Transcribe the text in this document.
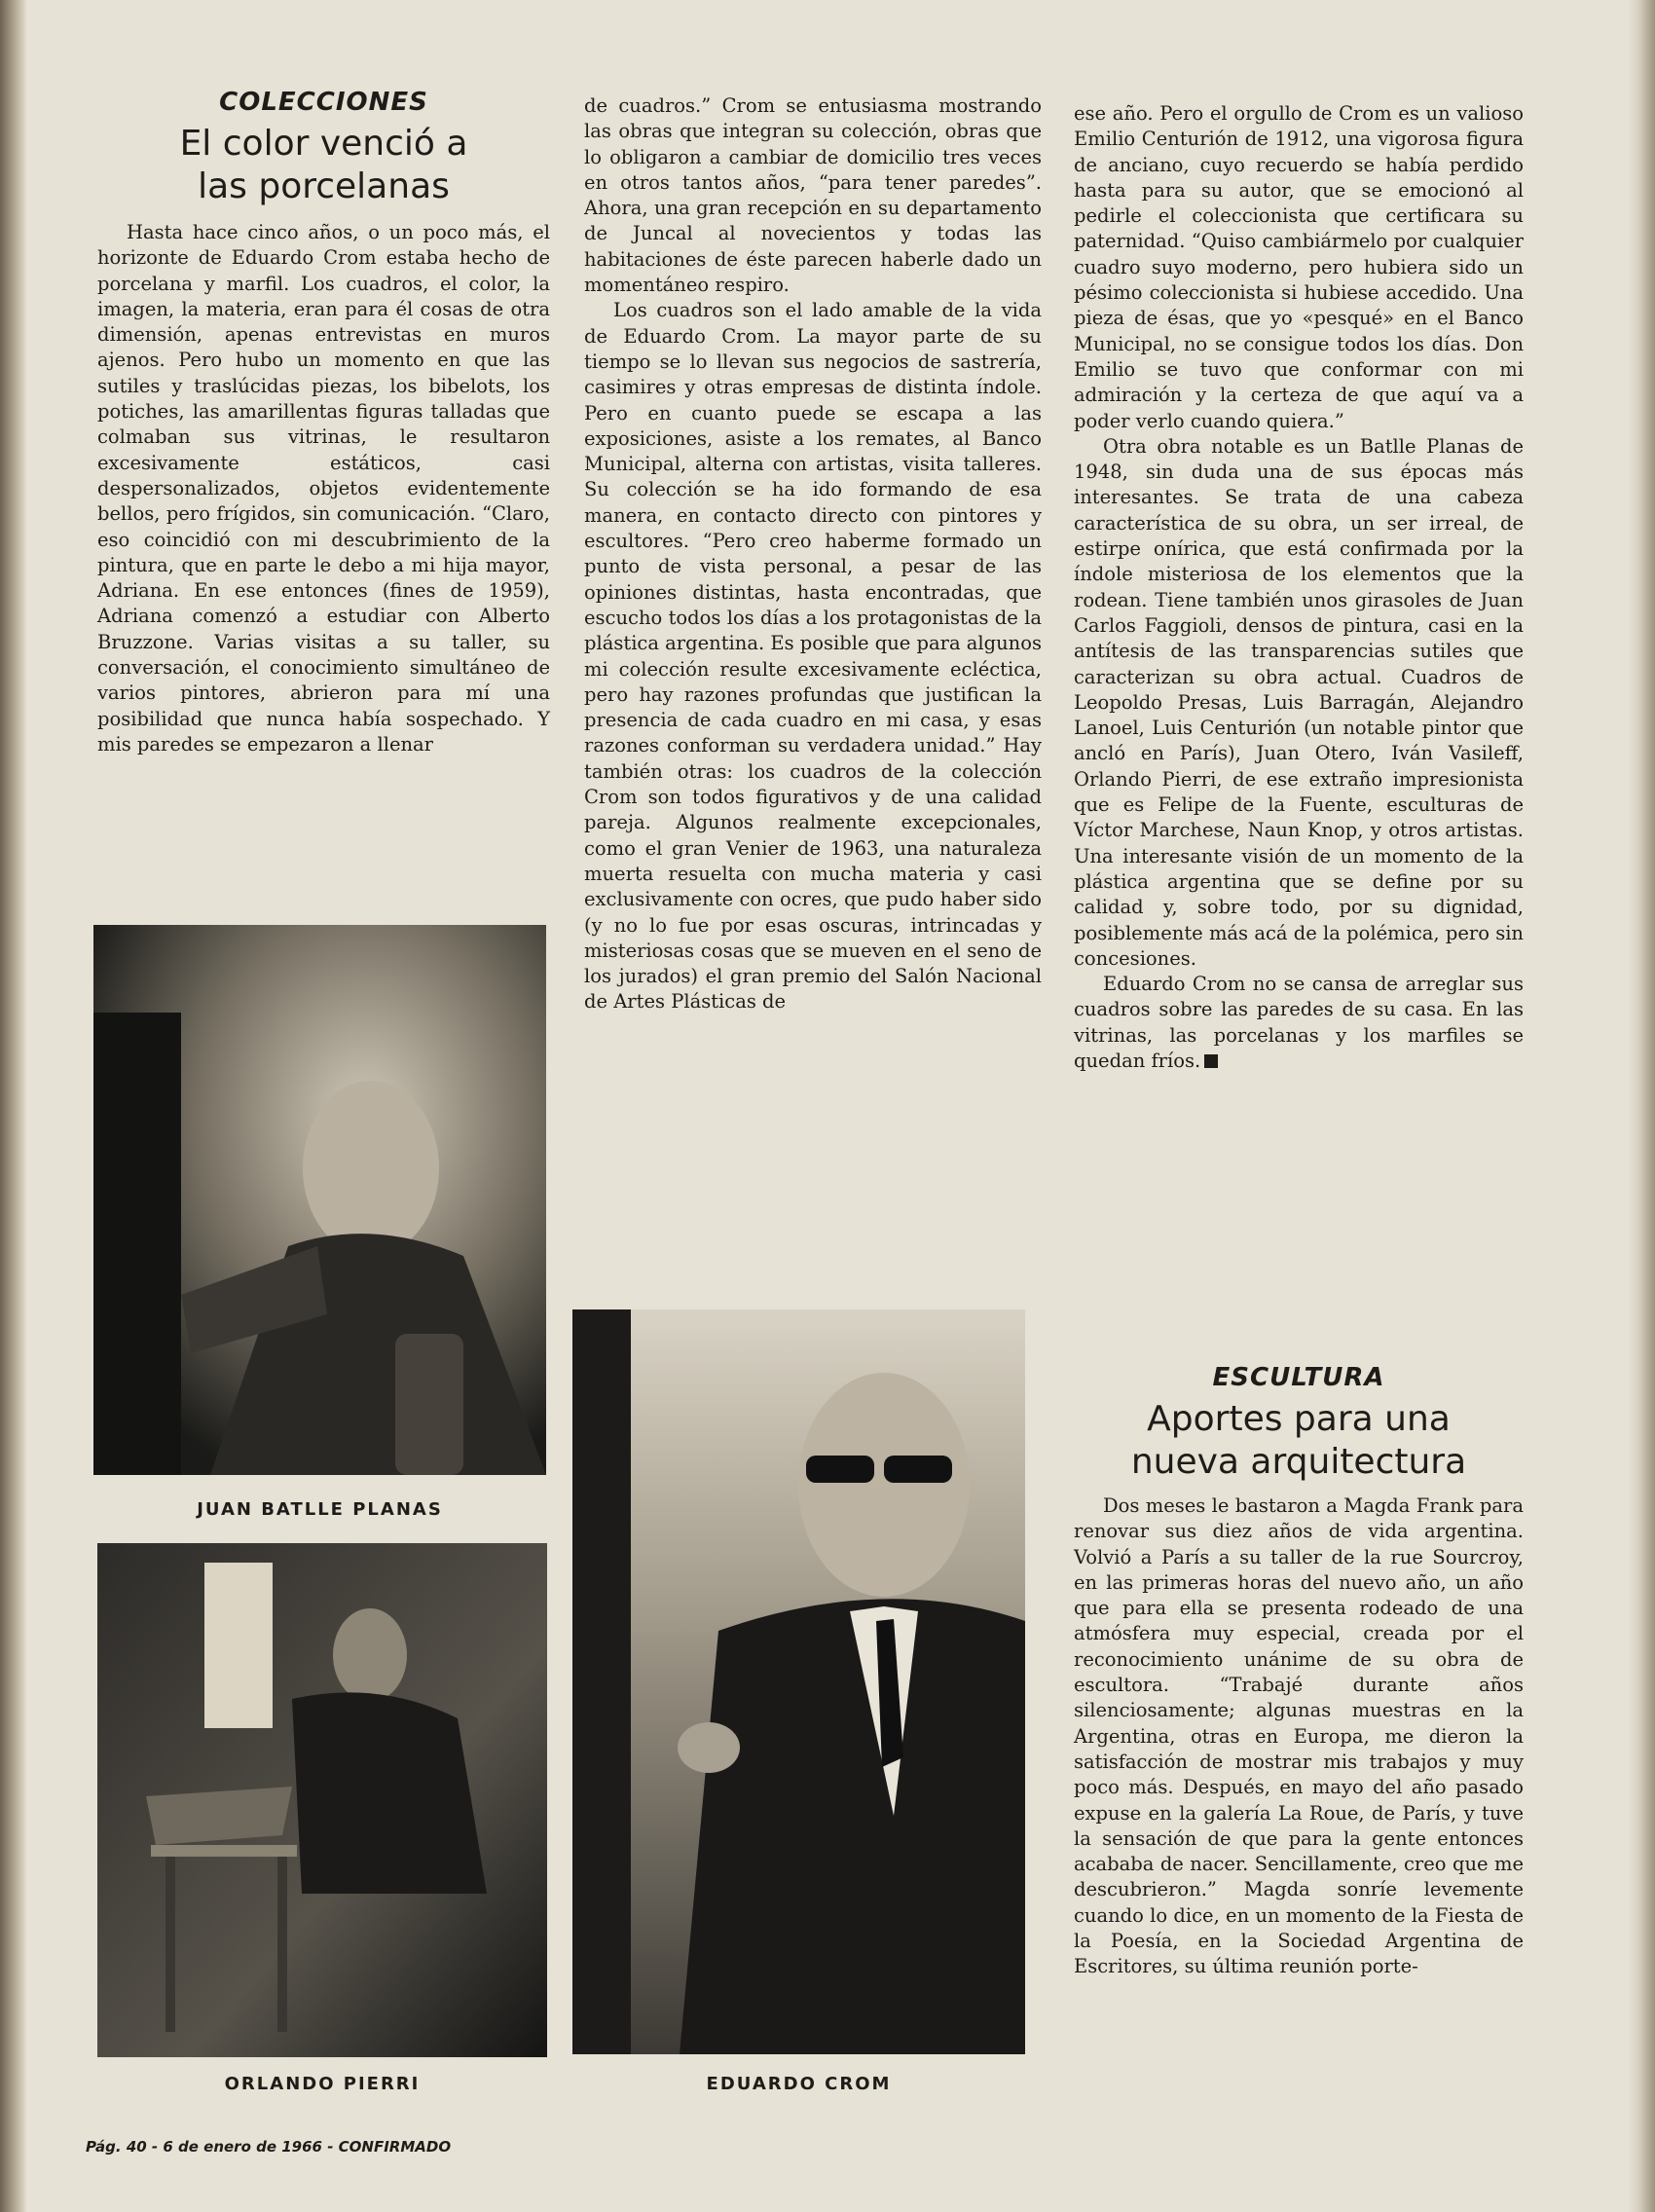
COLECCIONES
El color venció a
las porcelanas

Hasta hace cinco años, o un poco más, el horizonte de Eduardo Crom estaba hecho de porcelana y marfil. Los cuadros, el color, la imagen, la materia, eran para él cosas de otra dimensión, apenas entrevistas en muros ajenos. Pero hubo un momento en que las sutiles y traslúcidas piezas, los bibelots, los potiches, las amarillentas figuras talladas que colmaban sus vitrinas, le resultaron excesivamente estáticos, casi despersonalizados, objetos evidentemente bellos, pero frígidos, sin comunicación. “Claro, eso coincidió con mi descubrimiento de la pintura, que en parte le debo a mi hija mayor, Adriana. En ese entonces (fines de 1959), Adriana comenzó a estudiar con Alberto Bruzzone. Varias visitas a su taller, su conversación, el conocimiento simultáneo de varios pintores, abrieron para mí una posibilidad que nunca había sospechado. Y mis paredes se empezaron a llenar

JUAN BATLLE PLANAS
ORLANDO PIERRI

de cuadros.” Crom se entusiasma mostrando las obras que integran su colección, obras que lo obligaron a cambiar de domicilio tres veces en otros tantos años, “para tener paredes”. Ahora, una gran recepción en su departamento de Juncal al novecientos y todas las habitaciones de éste parecen haberle dado un momentáneo respiro.

Los cuadros son el lado amable de la vida de Eduardo Crom. La mayor parte de su tiempo se lo llevan sus negocios de sastrería, casimires y otras empresas de distinta índole. Pero en cuanto puede se escapa a las exposiciones, asiste a los remates, al Banco Municipal, alterna con artistas, visita talleres. Su colección se ha ido formando de esa manera, en contacto directo con pintores y escultores. “Pero creo haberme formado un punto de vista personal, a pesar de las opiniones distintas, hasta encontradas, que escucho todos los días a los protagonistas de la plástica argentina. Es posible que para algunos mi colección resulte excesivamente ecléctica, pero hay razones profundas que justifican la presencia de cada cuadro en mi casa, y esas razones conforman su verdadera unidad.” Hay también otras: los cuadros de la colección Crom son todos figurativos y de una calidad pareja. Algunos realmente excepcionales, como el gran Venier de 1963, una naturaleza muerta resuelta con mucha materia y casi exclusivamente con ocres, que pudo haber sido (y no lo fue por esas oscuras, intrincadas y misteriosas cosas que se mueven en el seno de los jurados) el gran premio del Salón Nacional de Artes Plásticas de

EDUARDO CROM

ese año. Pero el orgullo de Crom es un valioso Emilio Centurión de 1912, una vigorosa figura de anciano, cuyo recuerdo se había perdido hasta para su autor, que se emocionó al pedirle el coleccionista que certificara su paternidad. “Quiso cambiármelo por cualquier cuadro suyo moderno, pero hubiera sido un pésimo coleccionista si hubiese accedido. Una pieza de ésas, que yo «pesqué» en el Banco Municipal, no se consigue todos los días. Don Emilio se tuvo que conformar con mi admiración y la certeza de que aquí va a poder verlo cuando quiera.”

Otra obra notable es un Batlle Planas de 1948, sin duda una de sus épocas más interesantes. Se trata de una cabeza característica de su obra, un ser irreal, de estirpe onírica, que está confirmada por la índole misteriosa de los elementos que la rodean. Tiene también unos girasoles de Juan Carlos Faggioli, densos de pintura, casi en la antítesis de las transparencias sutiles que caracterizan su obra actual. Cuadros de Leopoldo Presas, Luis Barragán, Alejandro Lanoel, Luis Centurión (un notable pintor que ancló en París), Juan Otero, Iván Vasileff, Orlando Pierri, de ese extraño impresionista que es Felipe de la Fuente, esculturas de Víctor Marchese, Naun Knop, y otros artistas. Una interesante visión de un momento de la plástica argentina que se define por su calidad y, sobre todo, por su dignidad, posiblemente más acá de la polémica, pero sin concesiones.

Eduardo Crom no se cansa de arreglar sus cuadros sobre las paredes de su casa. En las vitrinas, las porcelanas y los marfiles se quedan fríos.

ESCULTURA
Aportes para una
nueva arquitectura

Dos meses le bastaron a Magda Frank para renovar sus diez años de vida argentina. Volvió a París a su taller de la rue Sourcroy, en las primeras horas del nuevo año, un año que para ella se presenta rodeado de una atmósfera muy especial, creada por el reconocimiento unánime de su obra de escultora. “Trabajé durante años silenciosamente; algunas muestras en la Argentina, otras en Europa, me dieron la satisfacción de mostrar mis trabajos y muy poco más. Después, en mayo del año pasado expuse en la galería La Roue, de París, y tuve la sensación de que para la gente entonces acababa de nacer. Sencillamente, creo que me descubrieron.” Magda sonríe levemente cuando lo dice, en un momento de la Fiesta de la Poesía, en la Sociedad Argentina de Escritores, su última reunión porte-

Pág. 40 - 6 de enero de 1966 - CONFIRMADO
